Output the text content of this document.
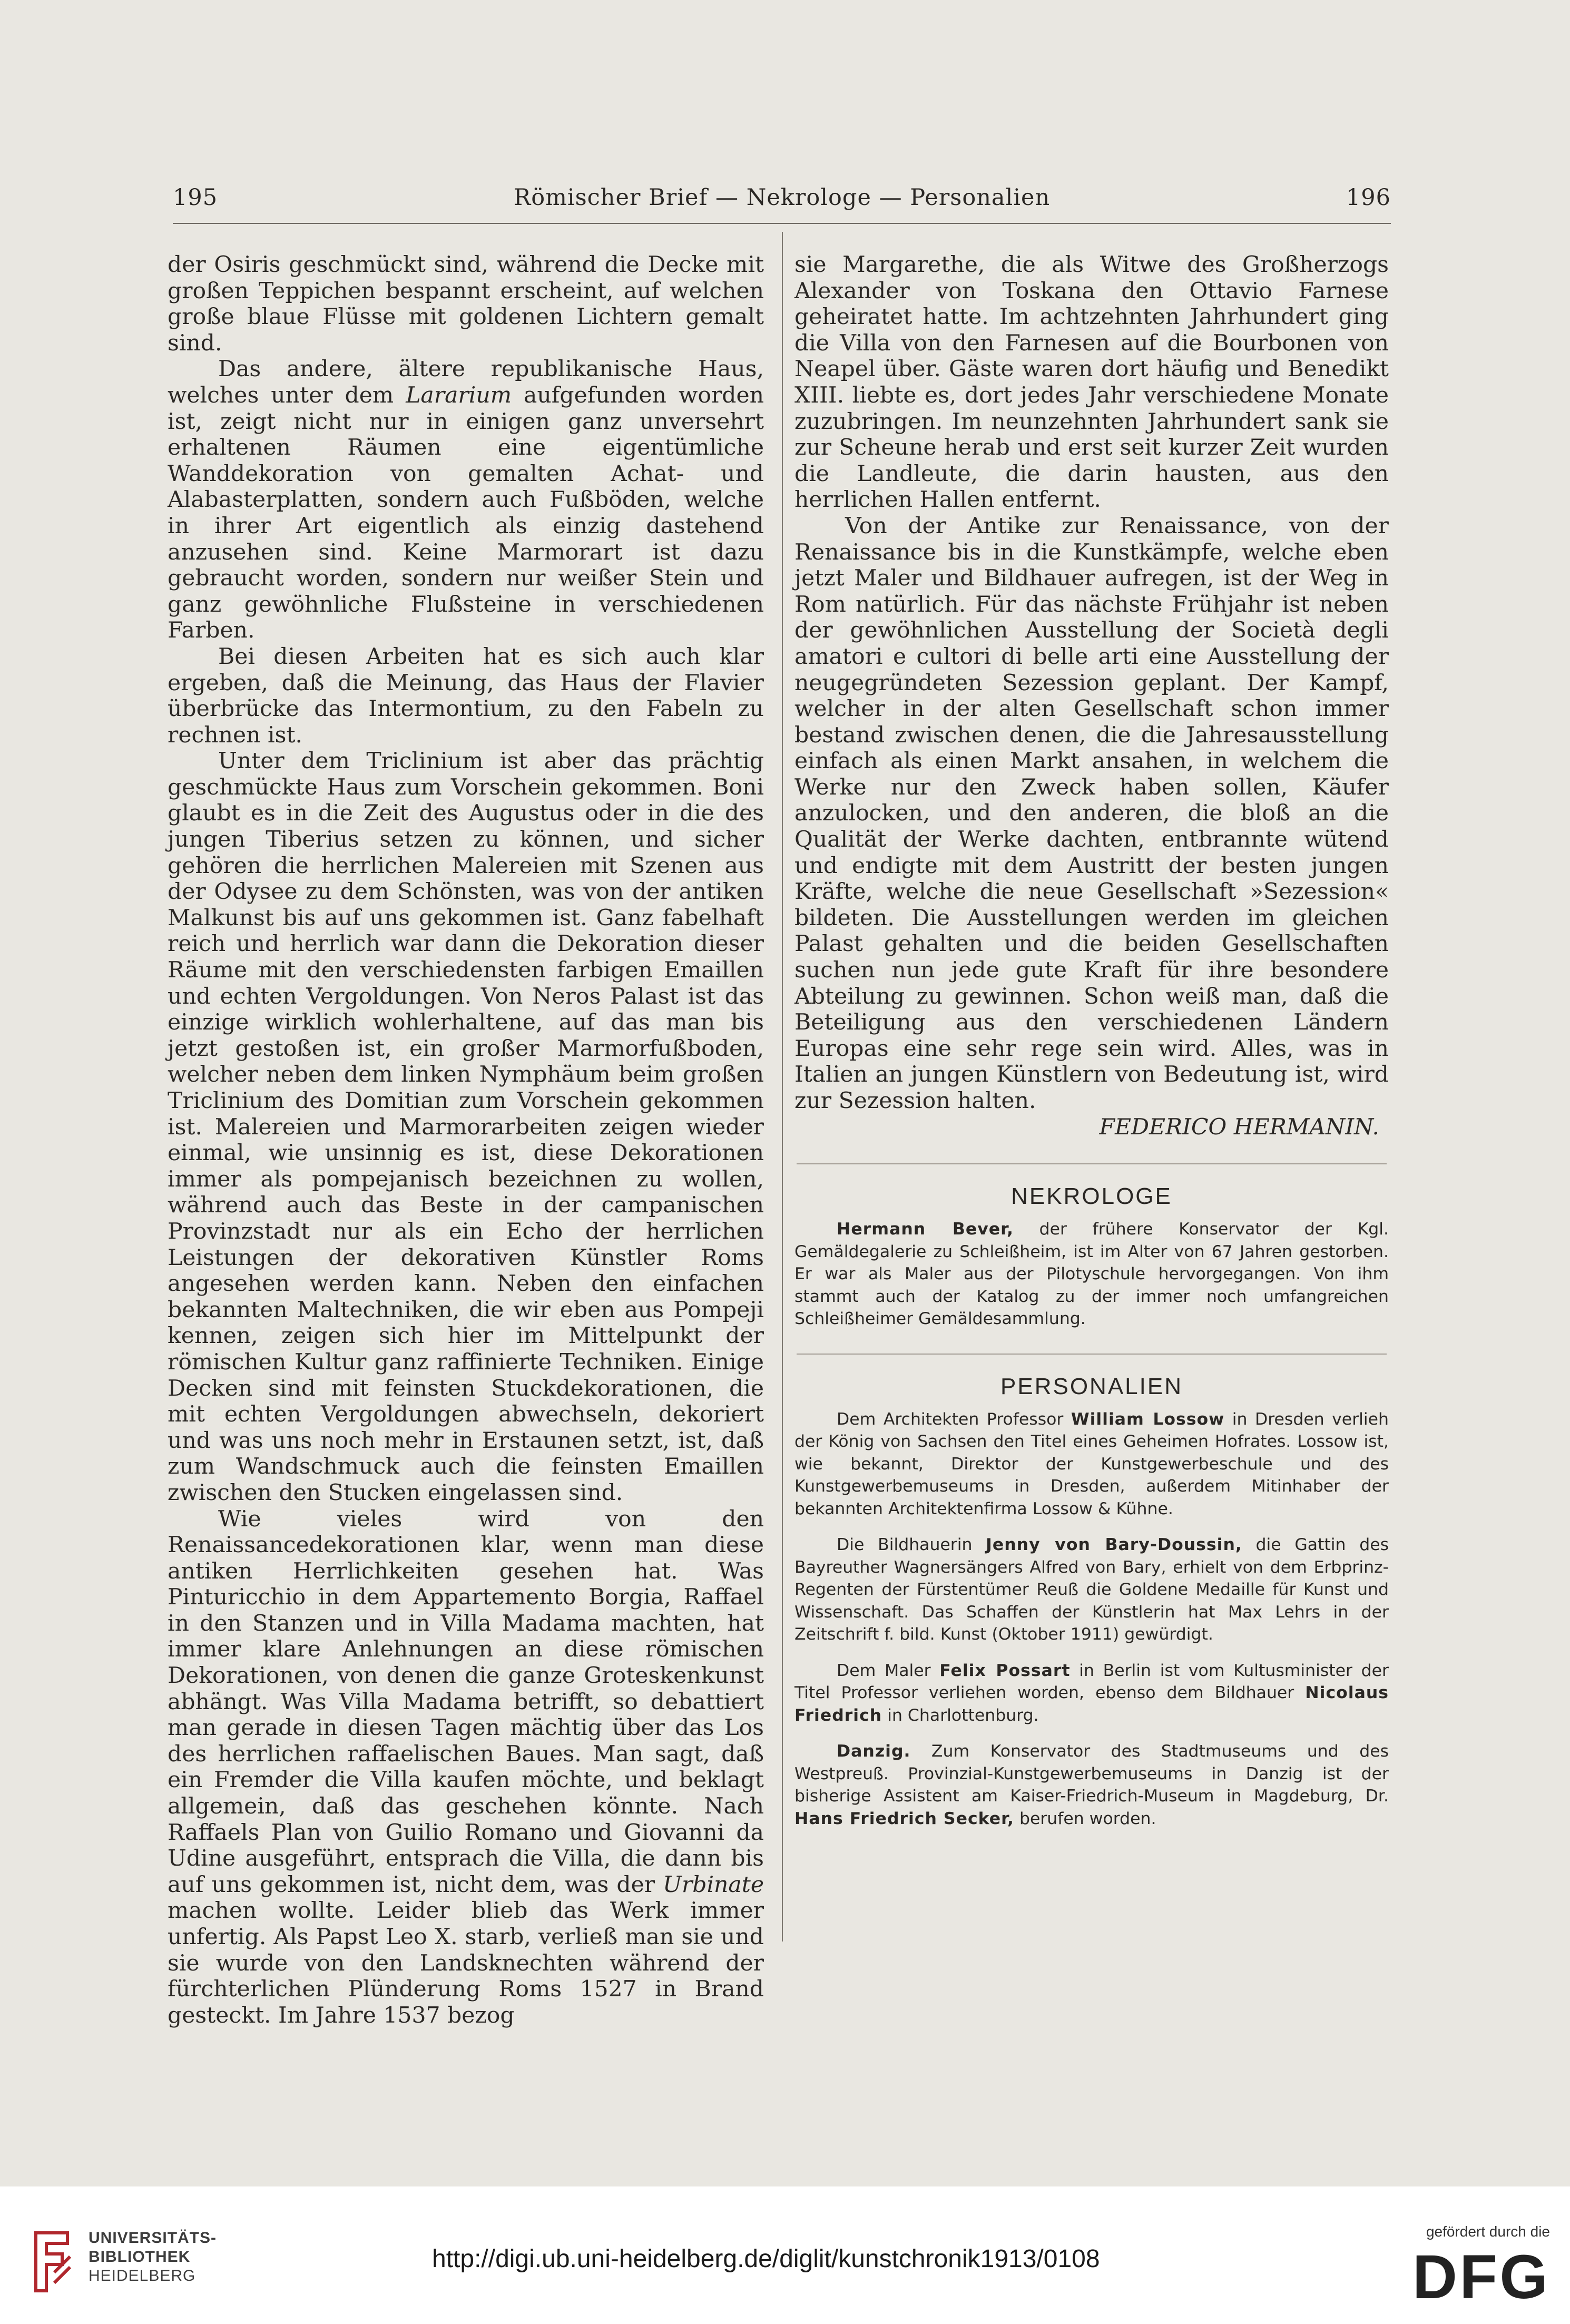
195	Römischer Brief — Nekrologe — Personalien	196

der Osiris geschmückt sind, während die Decke mit großen Teppichen bespannt erscheint, auf welchen große blaue Flüsse mit goldenen Lichtern gemalt sind.

Das andere, ältere republikanische Haus, welches unter dem Lararium aufgefunden worden ist, zeigt nicht nur in einigen ganz unversehrt erhaltenen Räumen eine eigentümliche Wanddekoration von gemalten Achat- und Alabasterplatten, sondern auch Fußböden, welche in ihrer Art eigentlich als einzig dastehend anzusehen sind. Keine Marmorart ist dazu gebraucht worden, sondern nur weißer Stein und ganz gewöhnliche Flußsteine in verschiedenen Farben.

Bei diesen Arbeiten hat es sich auch klar ergeben, daß die Meinung, das Haus der Flavier überbrücke das Intermontium, zu den Fabeln zu rechnen ist.

Unter dem Triclinium ist aber das prächtig geschmückte Haus zum Vorschein gekommen. Boni glaubt es in die Zeit des Augustus oder in die des jungen Tiberius setzen zu können, und sicher gehören die herrlichen Malereien mit Szenen aus der Odysee zu dem Schönsten, was von der antiken Malkunst bis auf uns gekommen ist. Ganz fabelhaft reich und herrlich war dann die Dekoration dieser Räume mit den verschiedensten farbigen Emaillen und echten Vergoldungen. Von Neros Palast ist das einzige wirklich wohlerhaltene, auf das man bis jetzt gestoßen ist, ein großer Marmorfußboden, welcher neben dem linken Nymphäum beim großen Triclinium des Domitian zum Vorschein gekommen ist. Malereien und Marmorarbeiten zeigen wieder einmal, wie unsinnig es ist, diese Dekorationen immer als pompejanisch bezeichnen zu wollen, während auch das Beste in der campanischen Provinzstadt nur als ein Echo der herrlichen Leistungen der dekorativen Künstler Roms angesehen werden kann. Neben den einfachen bekannten Maltechniken, die wir eben aus Pompeji kennen, zeigen sich hier im Mittelpunkt der römischen Kultur ganz raffinierte Techniken. Einige Decken sind mit feinsten Stuckdekorationen, die mit echten Vergoldungen abwechseln, dekoriert und was uns noch mehr in Erstaunen setzt, ist, daß zum Wandschmuck auch die feinsten Emaillen zwischen den Stucken eingelassen sind.

Wie vieles wird von den Renaissancedekorationen klar, wenn man diese antiken Herrlichkeiten gesehen hat. Was Pinturicchio in dem Appartemento Borgia, Raffael in den Stanzen und in Villa Madama machten, hat immer klare Anlehnungen an diese römischen Dekorationen, von denen die ganze Groteskenkunst abhängt. Was Villa Madama betrifft, so debattiert man gerade in diesen Tagen mächtig über das Los des herrlichen raffaelischen Baues. Man sagt, daß ein Fremder die Villa kaufen möchte, und beklagt allgemein, daß das geschehen könnte. Nach Raffaels Plan von Guilio Romano und Giovanni da Udine ausgeführt, entsprach die Villa, die dann bis auf uns gekommen ist, nicht dem, was der Urbinate machen wollte. Leider blieb das Werk immer unfertig. Als Papst Leo X. starb, verließ man sie und sie wurde von den Landsknechten während der fürchterlichen Plünderung Roms 1527 in Brand gesteckt. Im Jahre 1537 bezog

sie Margarethe, die als Witwe des Großherzogs Alexander von Toskana den Ottavio Farnese geheiratet hatte. Im achtzehnten Jahrhundert ging die Villa von den Farnesen auf die Bourbonen von Neapel über. Gäste waren dort häufig und Benedikt XIII. liebte es, dort jedes Jahr verschiedene Monate zuzubringen. Im neunzehnten Jahrhundert sank sie zur Scheune herab und erst seit kurzer Zeit wurden die Landleute, die darin hausten, aus den herrlichen Hallen entfernt.

Von der Antike zur Renaissance, von der Renaissance bis in die Kunstkämpfe, welche eben jetzt Maler und Bildhauer aufregen, ist der Weg in Rom natürlich. Für das nächste Frühjahr ist neben der gewöhnlichen Ausstellung der Società degli amatori e cultori di belle arti eine Ausstellung der neugegründeten Sezession geplant. Der Kampf, welcher in der alten Gesellschaft schon immer bestand zwischen denen, die die Jahresausstellung einfach als einen Markt ansahen, in welchem die Werke nur den Zweck haben sollen, Käufer anzulocken, und den anderen, die bloß an die Qualität der Werke dachten, entbrannte wütend und endigte mit dem Austritt der besten jungen Kräfte, welche die neue Gesellschaft »Sezession« bildeten. Die Ausstellungen werden im gleichen Palast gehalten und die beiden Gesellschaften suchen nun jede gute Kraft für ihre besondere Abteilung zu gewinnen. Schon weiß man, daß die Beteiligung aus den verschiedenen Ländern Europas eine sehr rege sein wird. Alles, was in Italien an jungen Künstlern von Bedeutung ist, wird zur Sezession halten.

FEDERICO HERMANIN.

NEKROLOGE

Hermann Bever, der frühere Konservator der Kgl. Gemäldegalerie zu Schleißheim, ist im Alter von 67 Jahren gestorben. Er war als Maler aus der Pilotyschule hervorgegangen. Von ihm stammt auch der Katalog zu der immer noch umfangreichen Schleißheimer Gemäldesammlung.

PERSONALIEN

Dem Architekten Professor William Lossow in Dresden verlieh der König von Sachsen den Titel eines Geheimen Hofrates. Lossow ist, wie bekannt, Direktor der Kunstgewerbeschule und des Kunstgewerbemuseums in Dresden, außerdem Mitinhaber der bekannten Architektenfirma Lossow & Kühne.

Die Bildhauerin Jenny von Bary-Doussin, die Gattin des Bayreuther Wagnersängers Alfred von Bary, erhielt von dem Erbprinz-Regenten der Fürstentümer Reuß die Goldene Medaille für Kunst und Wissenschaft. Das Schaffen der Künstlerin hat Max Lehrs in der Zeitschrift f. bild. Kunst (Oktober 1911) gewürdigt.

Dem Maler Felix Possart in Berlin ist vom Kultusminister der Titel Professor verliehen worden, ebenso dem Bildhauer Nicolaus Friedrich in Charlottenburg.

Danzig. Zum Konservator des Stadtmuseums und des Westpreuß. Provinzial-Kunstgewerbemuseums in Danzig ist der bisherige Assistent am Kaiser-Friedrich-Museum in Magdeburg, Dr. Hans Friedrich Secker, berufen worden.

UNIVERSITÄTS-
BIBLIOTHEK
HEIDELBERG
http://digi.ub.uni-heidelberg.de/diglit/kunstchronik1913/0108
gefördert durch die
DFG
